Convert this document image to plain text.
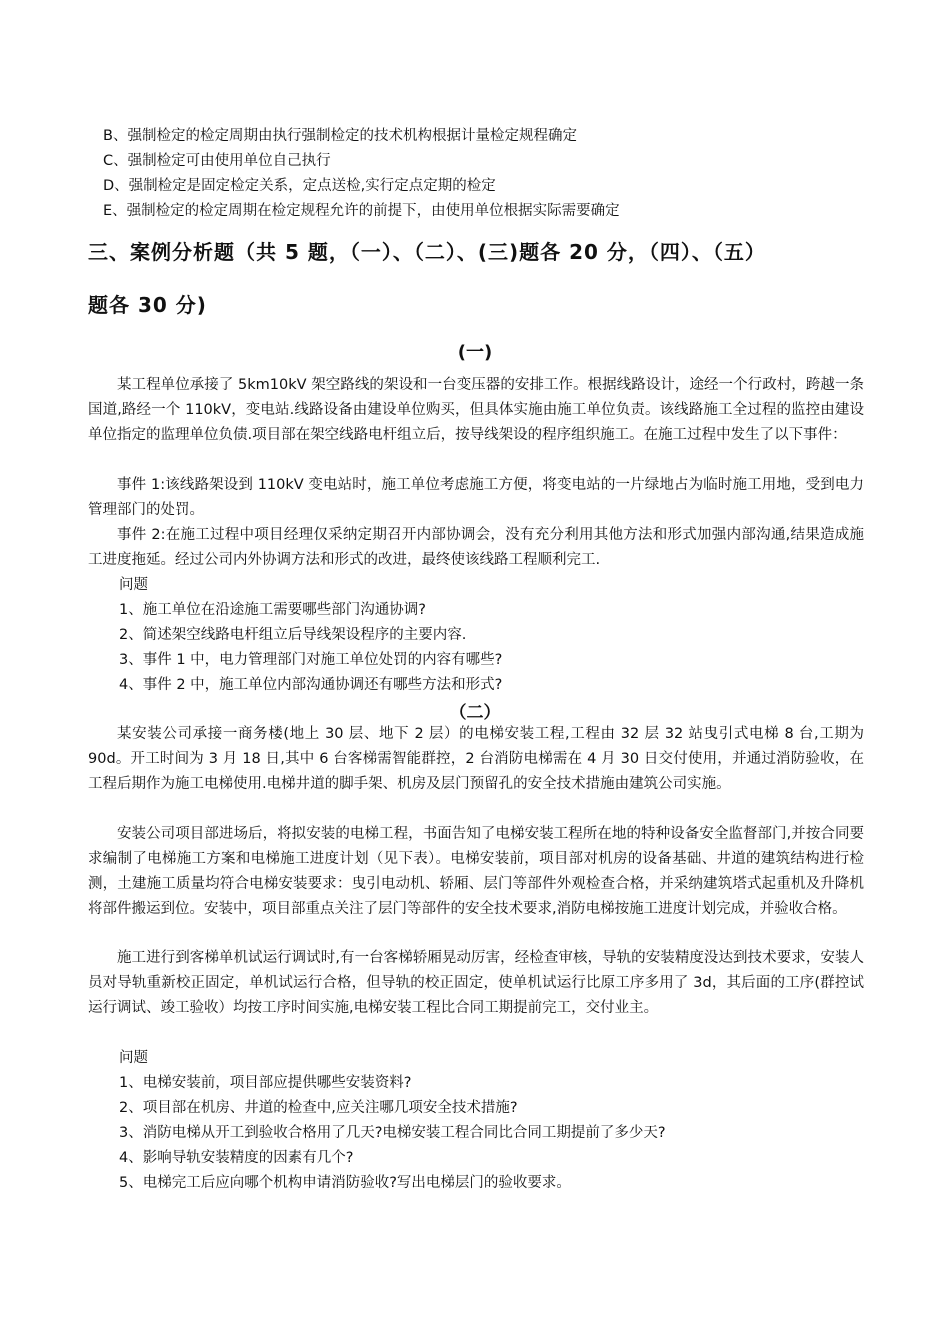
B、强制检定的检定周期由执行强制检定的技术机构根据计量检定规程确定
C、强制检定可由使用单位自己执行
D、强制检定是固定检定关系，定点送检,实行定点定期的检定
E、强制检定的检定周期在检定规程允许的前提下，由使用单位根据实际需要确定
三、案例分析题（共 5 题，（一）、（二）、(三)题各 20 分，（四）、（五）
题各 30 分)
(一)

某工程单位承接了 5km10kV 架空路线的架设和一台变压器的安排工作。根据线路设计，途经一个行政村，跨越一条国道,路经一个 110kV，变电站.线路设备由建设单位购买，但具体实施由施工单位负责。该线路施工全过程的监控由建设单位指定的监理单位负债.项目部在架空线路电杆组立后，按导线架设的程序组织施工。在施工过程中发生了以下事件：

事件 1:该线路架设到 110kV 变电站时，施工单位考虑施工方便，将变电站的一片绿地占为临时施工用地，受到电力管理部门的处罚。

事件 2:在施工过程中项目经理仅采纳定期召开内部协调会，没有充分利用其他方法和形式加强内部沟通,结果造成施工进度拖延。经过公司内外协调方法和形式的改进，最终使该线路工程顺利完工.

问题
1、施工单位在沿途施工需要哪些部门沟通协调?
2、简述架空线路电杆组立后导线架设程序的主要内容.
3、事件 1 中，电力管理部门对施工单位处罚的内容有哪些?
4、事件 2 中，施工单位内部沟通协调还有哪些方法和形式?
（二）

某安装公司承接一商务楼(地上 30 层、地下 2 层）的电梯安装工程,工程由 32 层 32 站曳引式电梯 8 台,工期为 90d。开工时间为 3 月 18 日,其中 6 台客梯需智能群控，2 台消防电梯需在 4 月 30 日交付使用，并通过消防验收，在工程后期作为施工电梯使用.电梯井道的脚手架、机房及层门预留孔的安全技术措施由建筑公司实施。

安装公司项目部进场后，将拟安装的电梯工程，书面告知了电梯安装工程所在地的特种设备安全监督部门,并按合同要求编制了电梯施工方案和电梯施工进度计划（见下表）。电梯安装前，项目部对机房的设备基础、井道的建筑结构进行检测，土建施工质量均符合电梯安装要求：曳引电动机、轿厢、层门等部件外观检查合格，并采纳建筑塔式起重机及升降机将部件搬运到位。安装中，项目部重点关注了层门等部件的安全技术要求,消防电梯按施工进度计划完成，并验收合格。

施工进行到客梯单机试运行调试时,有一台客梯轿厢晃动厉害，经检查审核，导轨的安装精度没达到技术要求，安装人员对导轨重新校正固定，单机试运行合格，但导轨的校正固定，使单机试运行比原工序多用了 3d，其后面的工序(群控试运行调试、竣工验收）均按工序时间实施,电梯安装工程比合同工期提前完工，交付业主。

问题
1、电梯安装前，项目部应提供哪些安装资料?
2、项目部在机房、井道的检查中,应关注哪几项安全技术措施?
3、消防电梯从开工到验收合格用了几天?电梯安装工程合同比合同工期提前了多少天?
4、影响导轨安装精度的因素有几个?
5、电梯完工后应向哪个机构申请消防验收?写出电梯层门的验收要求。
